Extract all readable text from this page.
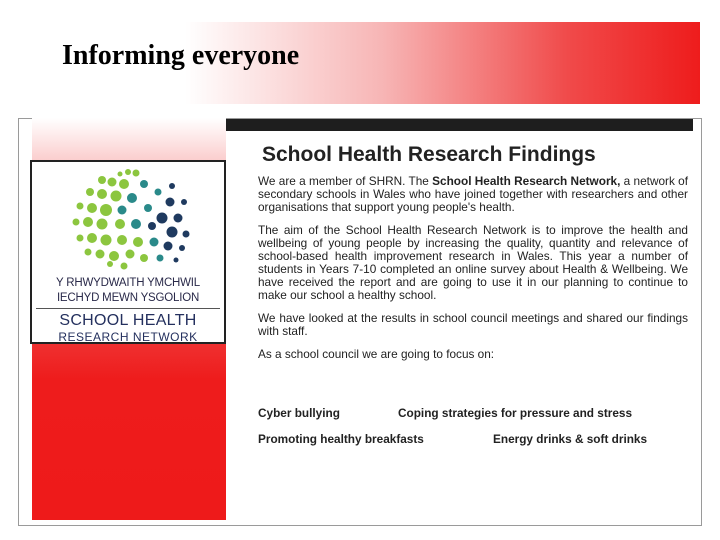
Informing everyone
Y RHWYDWAITH YMCHWIL
IECHYD MEWN YSGOLION
SCHOOL HEALTH
RESEARCH NETWORK
School Health Research Findings

We are a member of SHRN. The School Health Research Network, a network of secondary schools in Wales who have joined together with researchers and other organisations that support young people's health.

The aim of the School Health Research Network is to improve the health and wellbeing of young people by increasing the quality, quantity and relevance of school-based health improvement research in Wales. This year a number of students in Years 7-10 completed an online survey about Health & Wellbeing. We have received the report and are going to use it in our planning to continue to make our school a healthy school.

We have looked at the results in school council meetings and shared our findings with staff.

As a school council we are going to focus on:

Cyber bullying	Coping strategies for pressure and stress
Promoting healthy breakfasts	Energy drinks & soft drinks
